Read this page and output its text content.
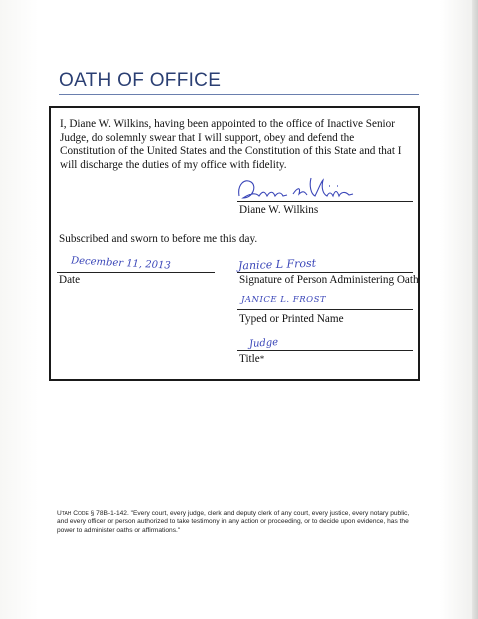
OATH OF OFFICE
I, Diane W. Wilkins, having been appointed to the office of Inactive Senior Judge, do solemnly swear that I will support, obey and defend the Constitution of the United States and the Constitution of this State and that I will discharge the duties of my office with fidelity.
Diane W. Wilkins
Subscribed and sworn to before me this day.
December 11, 2013
Date
Janice L Frost
Signature of Person Administering Oath
JANICE L. FROST
Typed or Printed Name
Judge
Title*
Utah Code § 78B-1-142. "Every court, every judge, clerk and deputy clerk of any court, every justice, every notary public, and every officer or person authorized to take testimony in any action or proceeding, or to decide upon evidence, has the power to administer oaths or affirmations."
